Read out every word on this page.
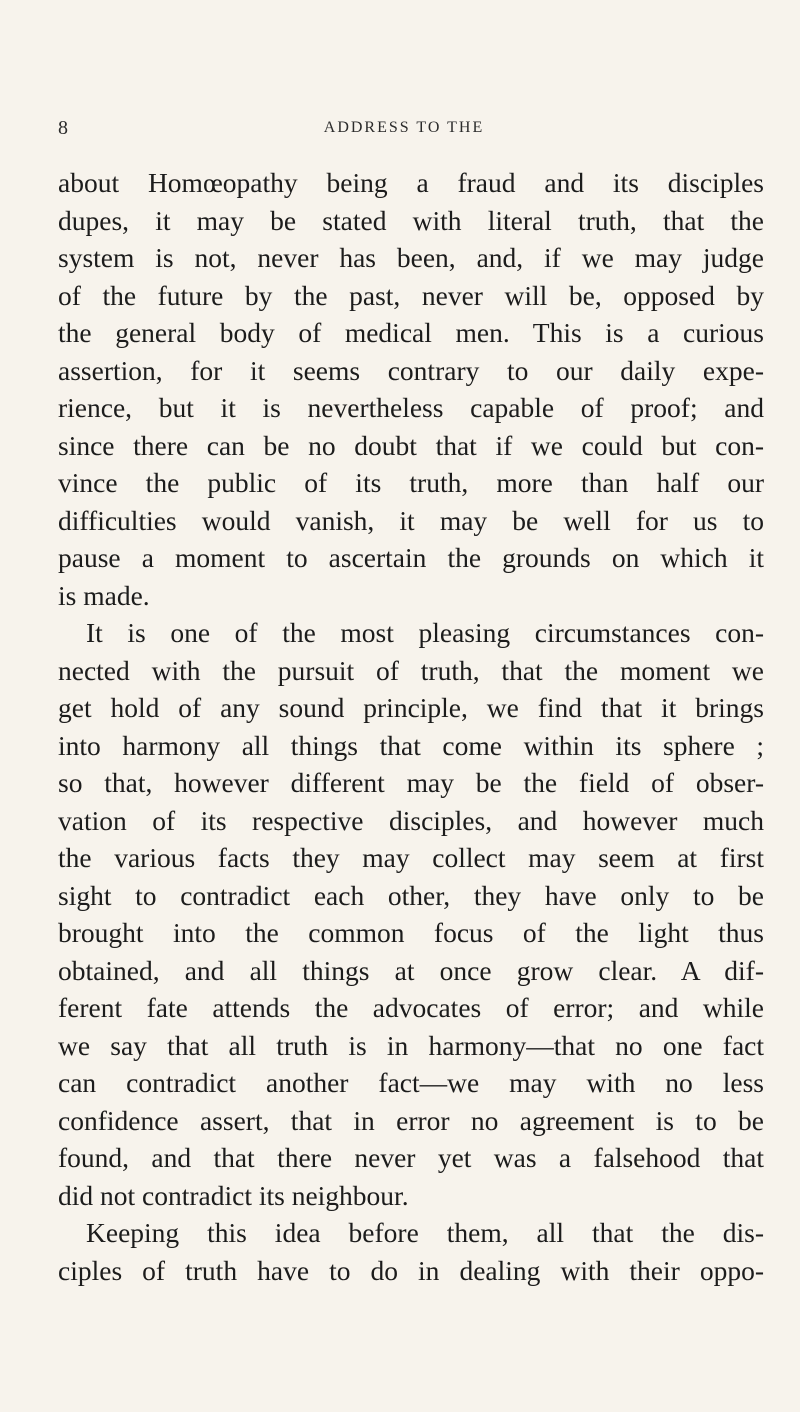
8	ADDRESS TO THE
about Homœopathy being a fraud and its disciples
dupes, it may be stated with literal truth, that the
system is not, never has been, and, if we may judge
of the future by the past, never will be, opposed by
the general body of medical men. This is a curious
assertion, for it seems contrary to our daily expe-
rience, but it is nevertheless capable of proof; and
since there can be no doubt that if we could but con-
vince the public of its truth, more than half our
difficulties would vanish, it may be well for us to
pause a moment to ascertain the grounds on which it
is made.
It is one of the most pleasing circumstances con-
nected with the pursuit of truth, that the moment we
get hold of any sound principle, we find that it brings
into harmony all things that come within its sphere ;
so that, however different may be the field of obser-
vation of its respective disciples, and however much
the various facts they may collect may seem at first
sight to contradict each other, they have only to be
brought into the common focus of the light thus
obtained, and all things at once grow clear. A dif-
ferent fate attends the advocates of error; and while
we say that all truth is in harmony—that no one fact
can contradict another fact—we may with no less
confidence assert, that in error no agreement is to be
found, and that there never yet was a falsehood that
did not contradict its neighbour.
Keeping this idea before them, all that the dis-
ciples of truth have to do in dealing with their oppo-
